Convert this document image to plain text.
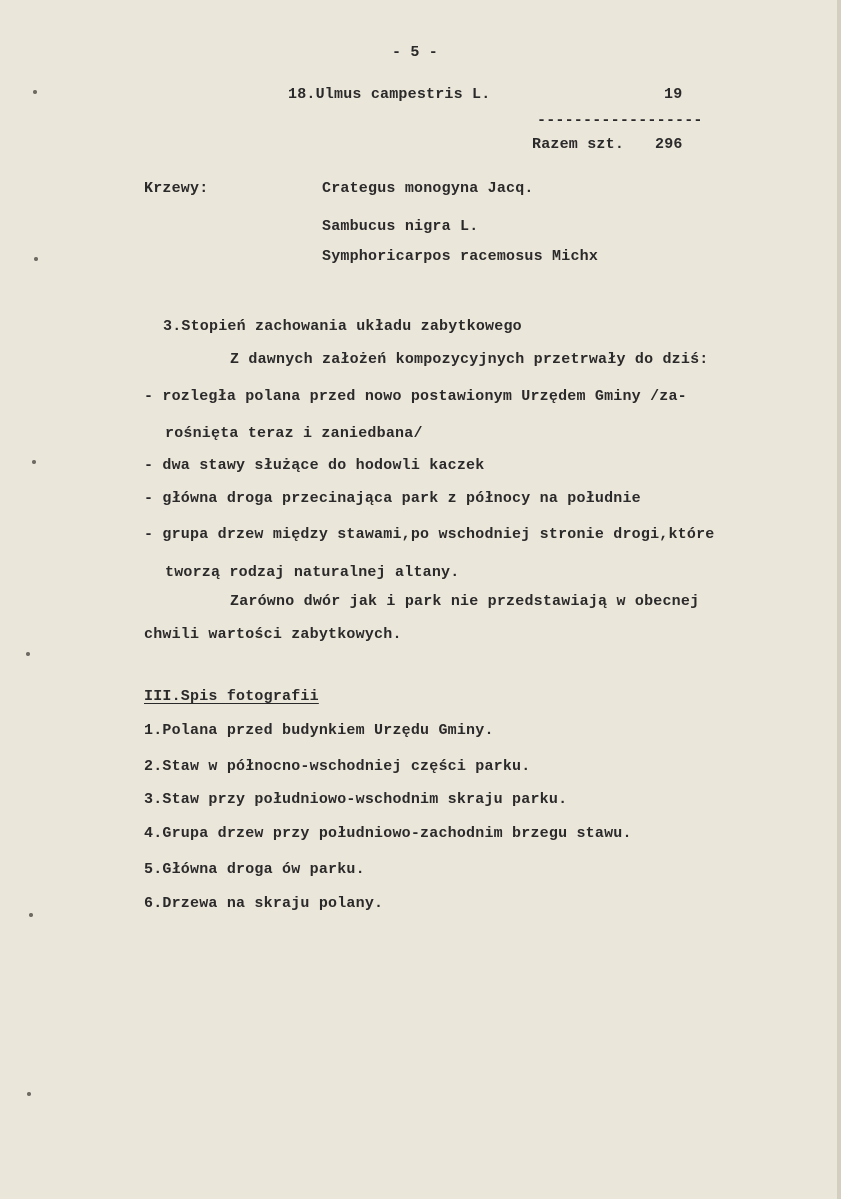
- 5 -
18.Ulmus campestris L.	19
------------------
Razem szt. 296
Krzewy:	Crategus monogyna Jacq.
Sambucus nigra L.
Symphoricarpos racemosus Michx
3.Stopień zachowania układu zabytkowego
Z dawnych założeń kompozycyjnych przetrwały do dziś:
- rozległa polana przed nowo postawionym Urzędem Gminy /za-
rośnięta teraz i zaniedbana/
- dwa stawy służące do hodowli kaczek
- główna droga przecinająca park z północy na południe
- grupa drzew między stawami,po wschodniej stronie drogi,które
tworzą rodzaj naturalnej altany.
Zarówno dwór jak i park nie przedstawiają w obecnej
chwili wartości zabytkowych.
III.Spis fotografii
1.Polana przed budynkiem Urzędu Gminy.
2.Staw w północno-wschodniej części parku.
3.Staw przy południowo-wschodnim skraju parku.
4.Grupa drzew przy południowo-zachodnim brzegu stawu.
5.Główna droga ów parku.
6.Drzewa na skraju polany.
